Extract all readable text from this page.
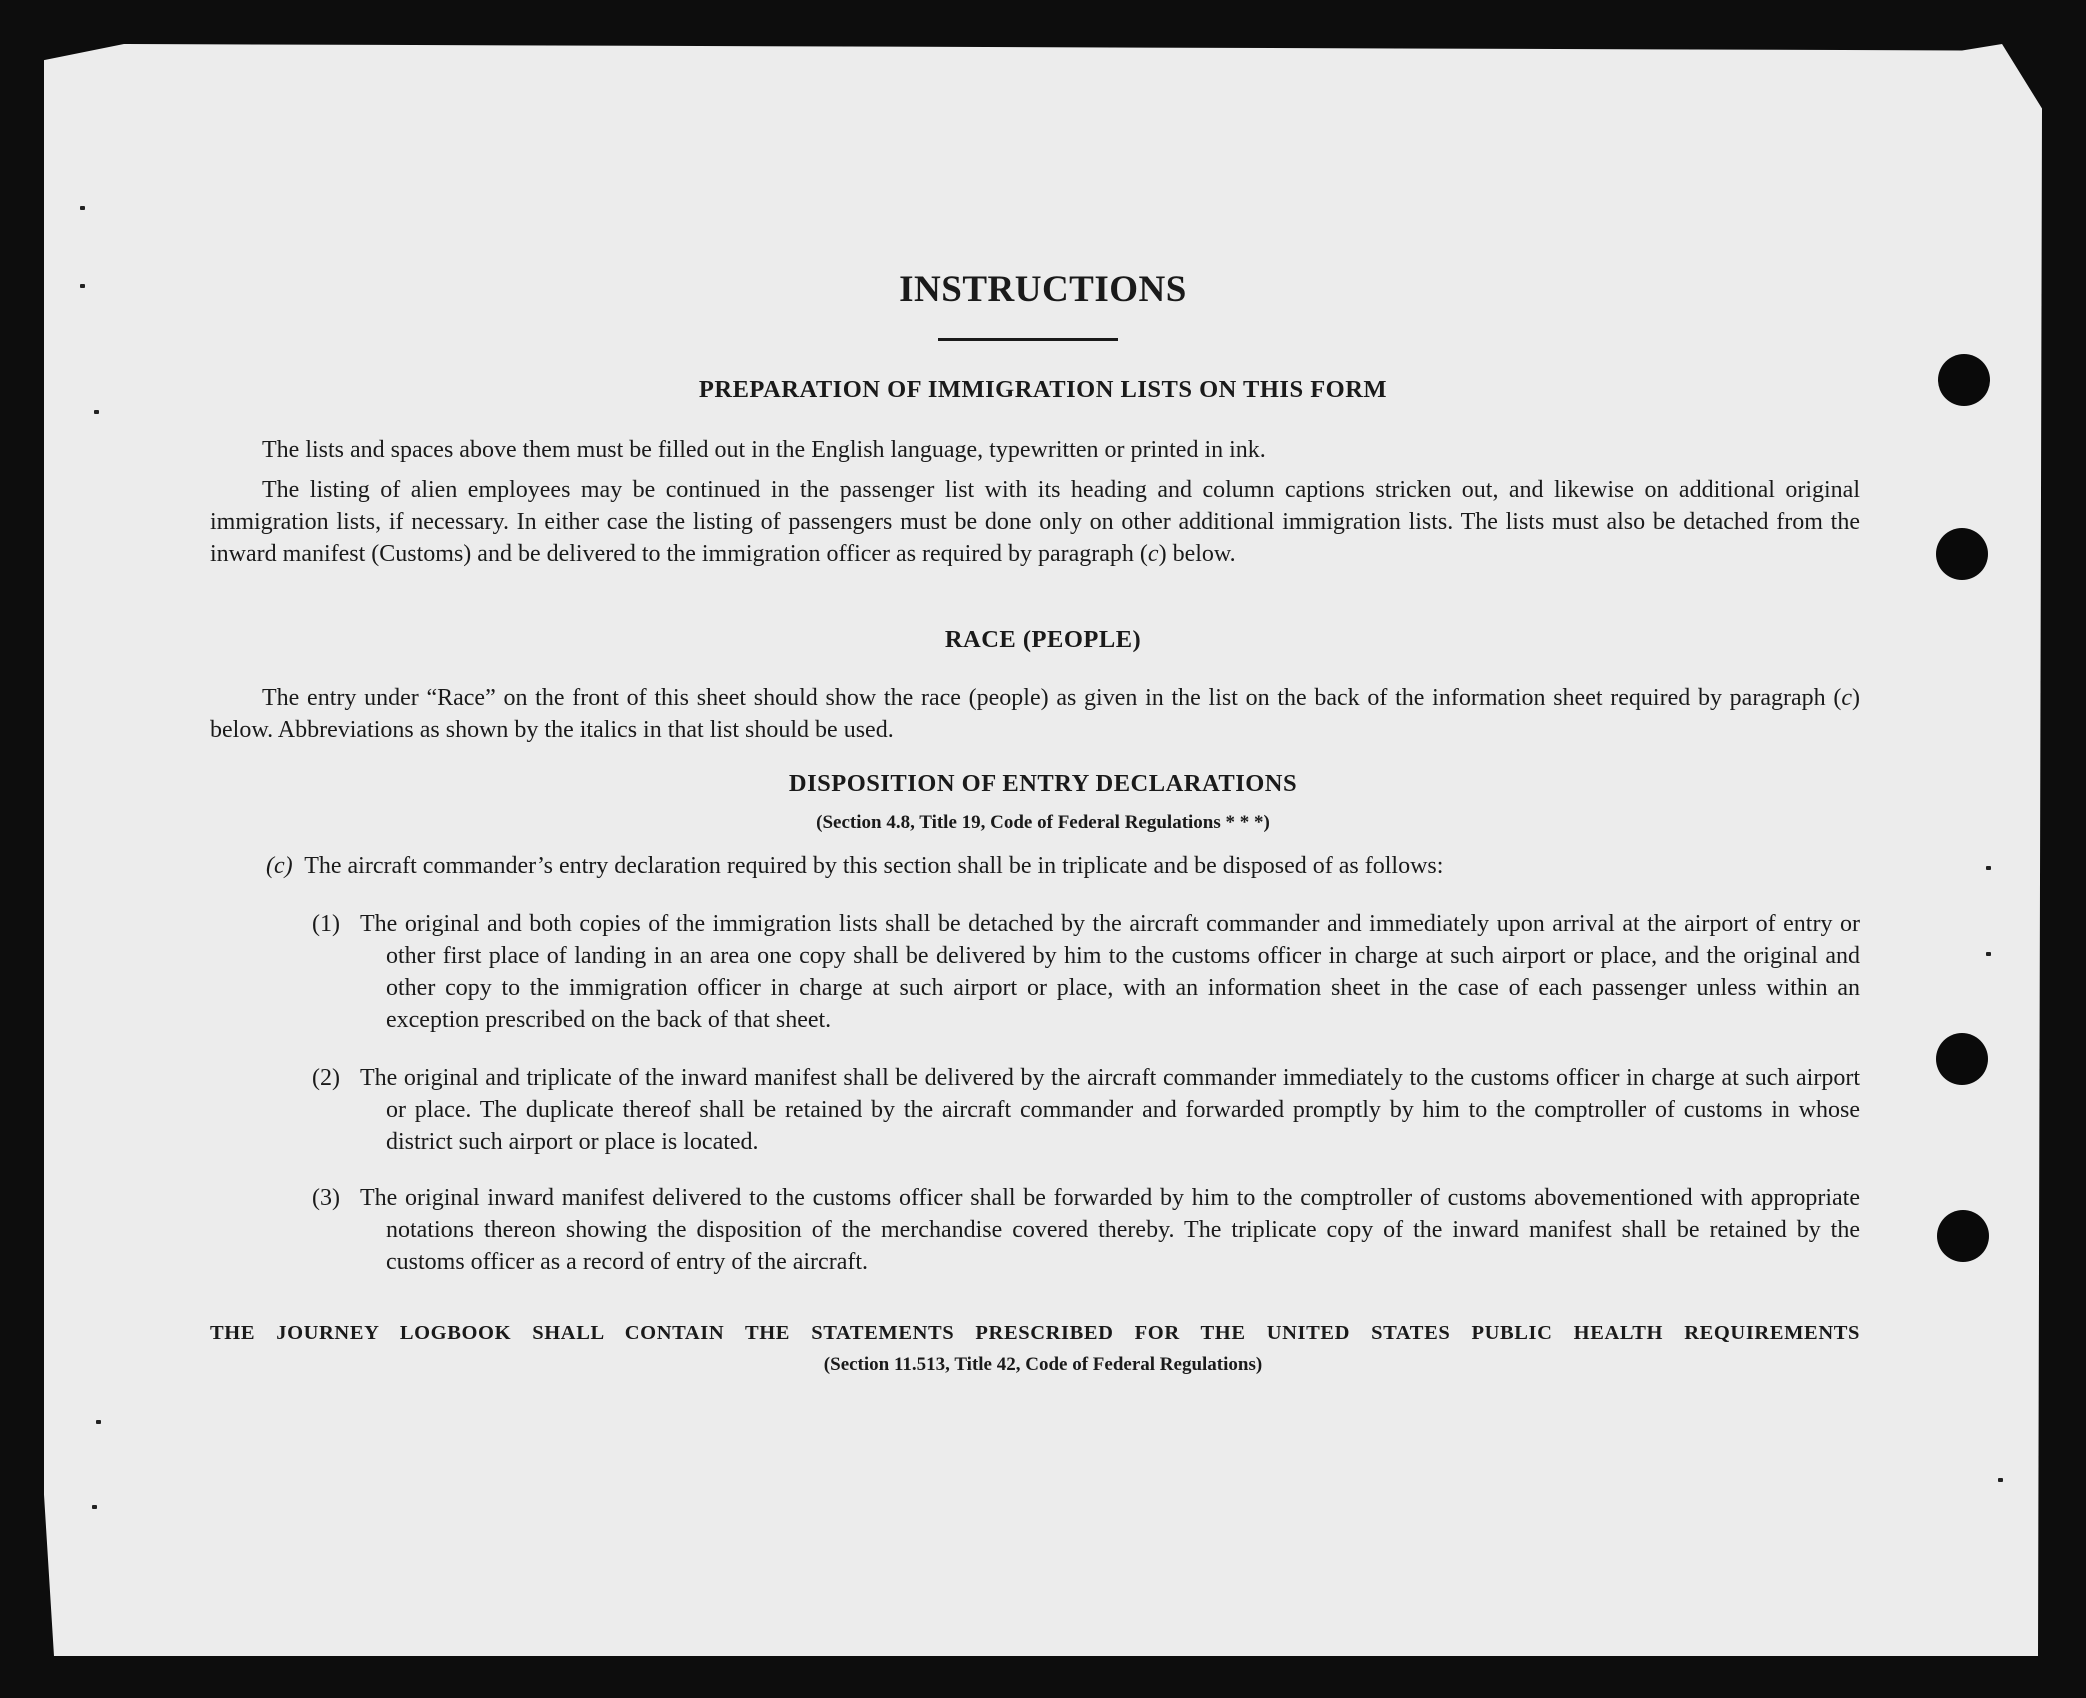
INSTRUCTIONS
PREPARATION OF IMMIGRATION LISTS ON THIS FORM
The lists and spaces above them must be filled out in the English language, typewritten or printed in ink.
The listing of alien employees may be continued in the passenger list with its heading and column captions stricken out, and likewise on additional original immigration lists, if necessary. In either case the listing of passengers must be done only on other additional immigration lists. The lists must also be detached from the inward manifest (Customs) and be delivered to the immigration officer as required by paragraph (c) below.
RACE (PEOPLE)
The entry under “Race” on the front of this sheet should show the race (people) as given in the list on the back of the information sheet required by paragraph (c) below. Abbreviations as shown by the italics in that list should be used.
DISPOSITION OF ENTRY DECLARATIONS
(Section 4.8, Title 19, Code of Federal Regulations * * *)
(c) The aircraft commander’s entry declaration required by this section shall be in triplicate and be disposed of as follows:
(1) The original and both copies of the immigration lists shall be detached by the aircraft commander and immediately upon arrival at the airport of entry or other first place of landing in an area one copy shall be delivered by him to the customs officer in charge at such airport or place, and the original and other copy to the immigration officer in charge at such airport or place, with an information sheet in the case of each passenger unless within an exception prescribed on the back of that sheet.
(2) The original and triplicate of the inward manifest shall be delivered by the aircraft commander immediately to the customs officer in charge at such airport or place. The duplicate thereof shall be retained by the aircraft commander and forwarded promptly by him to the comptroller of customs in whose district such airport or place is located.
(3) The original inward manifest delivered to the customs officer shall be forwarded by him to the comptroller of customs abovementioned with appropriate notations thereon showing the disposition of the merchandise covered thereby. The triplicate copy of the inward manifest shall be retained by the customs officer as a record of entry of the aircraft.
THE JOURNEY LOGBOOK SHALL CONTAIN THE STATEMENTS PRESCRIBED FOR THE UNITED STATES PUBLIC HEALTH REQUIREMENTS
(Section 11.513, Title 42, Code of Federal Regulations)
